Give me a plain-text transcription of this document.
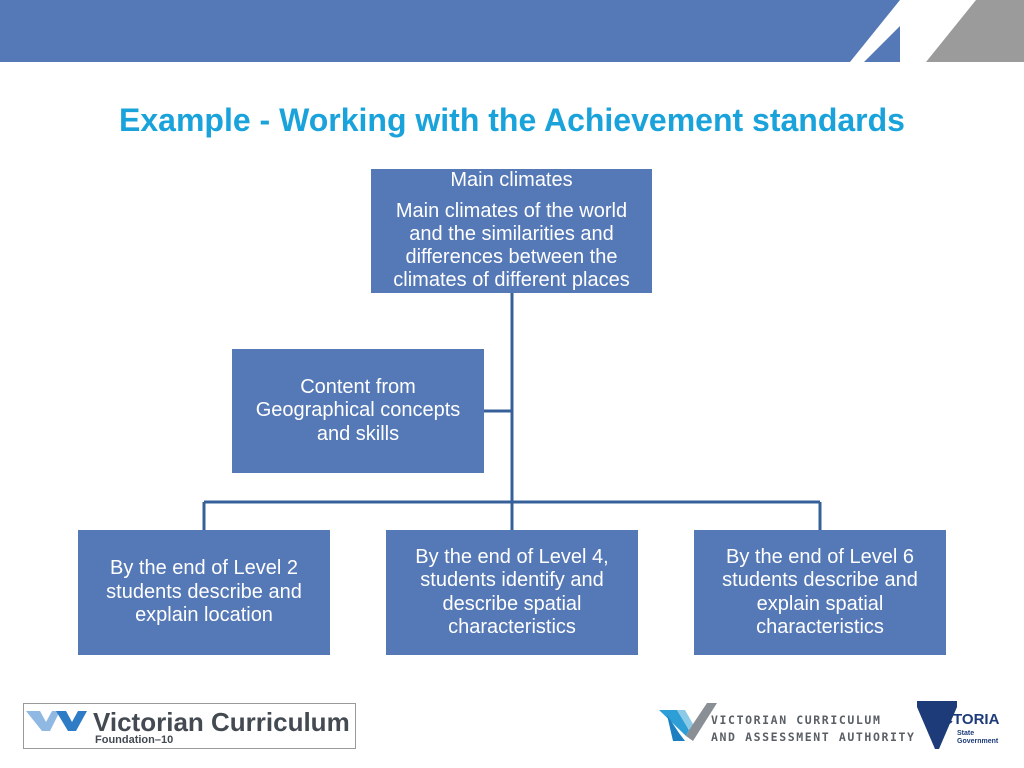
Example - Working with the Achievement standards
Main climates
Main climates of the world
and the similarities and
differences between the
climates of different places
Content from
Geographical concepts
and skills
By the end of Level 2
students describe and
explain location
By the end of Level 4,
students identify and
describe spatial
characteristics
By the end of Level 6
students describe and
explain spatial
characteristics
Victorian Curriculum
Foundation–10
VICTORIAN CURRICULUM
AND ASSESSMENT AUTHORITY
VICTORIA
State
Government
